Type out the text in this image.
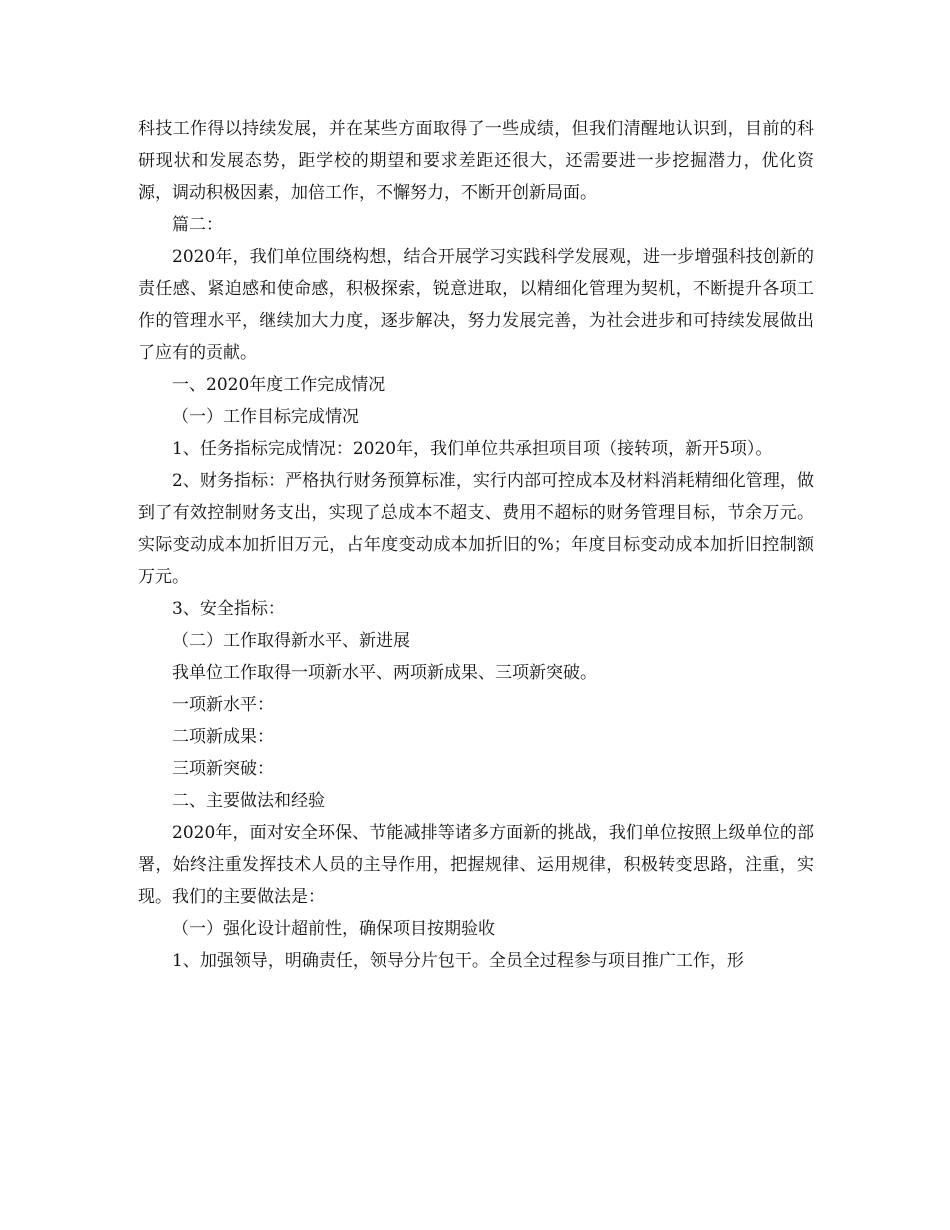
科技工作得以持续发展，并在某些方面取得了一些成绩，但我们清醒地认识到，目前的科研现状和发展态势，距学校的期望和要求差距还很大，还需要进一步挖掘潜力，优化资源，调动积极因素，加倍工作，不懈努力，不断开创新局面。

篇二：

2020年，我们单位围绕构想，结合开展学习实践科学发展观，进一步增强科技创新的责任感、紧迫感和使命感，积极探索，锐意进取，以精细化管理为契机，不断提升各项工作的管理水平，继续加大力度，逐步解决，努力发展完善，为社会进步和可持续发展做出了应有的贡献。

一、2020年度工作完成情况

（一）工作目标完成情况

1、任务指标完成情况：2020年，我们单位共承担项目项（接转项，新开5项）。

2、财务指标：严格执行财务预算标准，实行内部可控成本及材料消耗精细化管理，做到了有效控制财务支出，实现了总成本不超支、费用不超标的财务管理目标，节余万元。实际变动成本加折旧万元，占年度变动成本加折旧的%；年度目标变动成本加折旧控制额万元。

3、安全指标：

（二）工作取得新水平、新进展

我单位工作取得一项新水平、两项新成果、三项新突破。

一项新水平：

二项新成果：

三项新突破：

二、主要做法和经验

2020年，面对安全环保、节能减排等诸多方面新的挑战，我们单位按照上级单位的部署，始终注重发挥技术人员的主导作用，把握规律、运用规律，积极转变思路，注重，实现。我们的主要做法是：

（一）强化设计超前性，确保项目按期验收

1、加强领导，明确责任，领导分片包干。全员全过程参与项目推广工作，形
